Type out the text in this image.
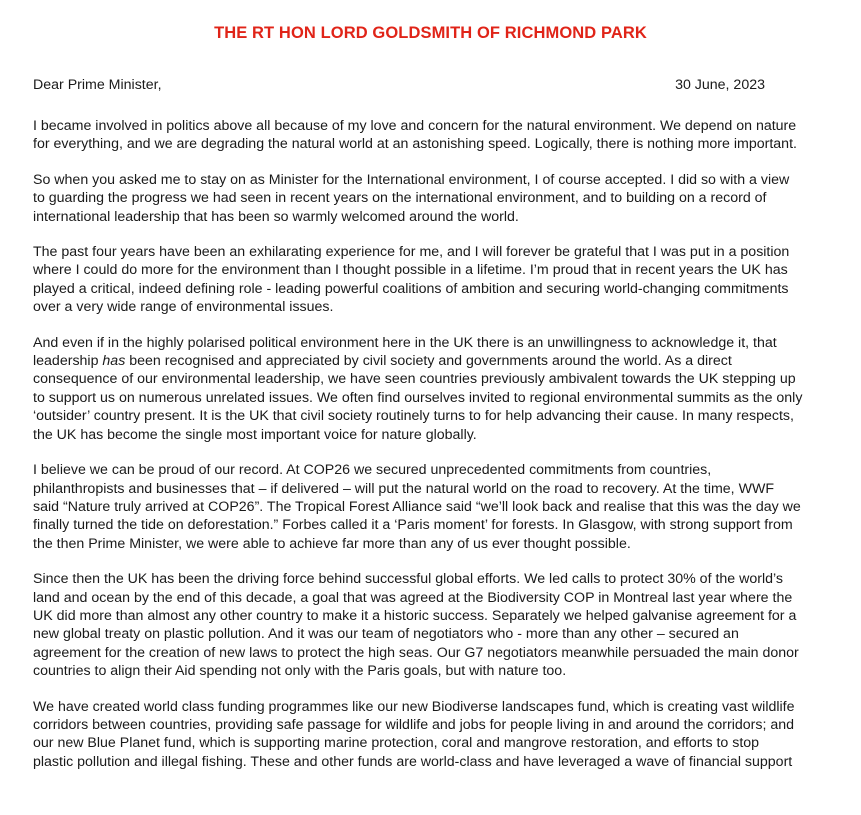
THE RT HON LORD GOLDSMITH OF RICHMOND PARK
Dear Prime Minister,	30 June, 2023

I became involved in politics above all because of my love and concern for the natural environment. We depend on nature
for everything, and we are degrading the natural world at an astonishing speed. Logically, there is nothing more important.

So when you asked me to stay on as Minister for the International environment, I of course accepted. I did so with a view
to guarding the progress we had seen in recent years on the international environment, and to building on a record of
international leadership that has been so warmly welcomed around the world.

The past four years have been an exhilarating experience for me, and I will forever be grateful that I was put in a position
where I could do more for the environment than I thought possible in a lifetime. I’m proud that in recent years the UK has
played a critical, indeed defining role - leading powerful coalitions of ambition and securing world-changing commitments
over a very wide range of environmental issues.

And even if in the highly polarised political environment here in the UK there is an unwillingness to acknowledge it, that
leadership has been recognised and appreciated by civil society and governments around the world. As a direct
consequence of our environmental leadership, we have seen countries previously ambivalent towards the UK stepping up
to support us on numerous unrelated issues. We often find ourselves invited to regional environmental summits as the only
‘outsider’ country present. It is the UK that civil society routinely turns to for help advancing their cause. In many respects,
the UK has become the single most important voice for nature globally.

I believe we can be proud of our record. At COP26 we secured unprecedented commitments from countries,
philanthropists and businesses that – if delivered – will put the natural world on the road to recovery. At the time, WWF
said “Nature truly arrived at COP26”. The Tropical Forest Alliance said “we’ll look back and realise that this was the day we
finally turned the tide on deforestation.” Forbes called it a ‘Paris moment’ for forests. In Glasgow, with strong support from
the then Prime Minister, we were able to achieve far more than any of us ever thought possible.

Since then the UK has been the driving force behind successful global efforts. We led calls to protect 30% of the world’s
land and ocean by the end of this decade, a goal that was agreed at the Biodiversity COP in Montreal last year where the
UK did more than almost any other country to make it a historic success. Separately we helped galvanise agreement for a
new global treaty on plastic pollution. And it was our team of negotiators who - more than any other – secured an
agreement for the creation of new laws to protect the high seas. Our G7 negotiators meanwhile persuaded the main donor
countries to align their Aid spending not only with the Paris goals, but with nature too.

We have created world class funding programmes like our new Biodiverse landscapes fund, which is creating vast wildlife
corridors between countries, providing safe passage for wildlife and jobs for people living in and around the corridors; and
our new Blue Planet fund, which is supporting marine protection, coral and mangrove restoration, and efforts to stop
plastic pollution and illegal fishing. These and other funds are world-class and have leveraged a wave of financial support
